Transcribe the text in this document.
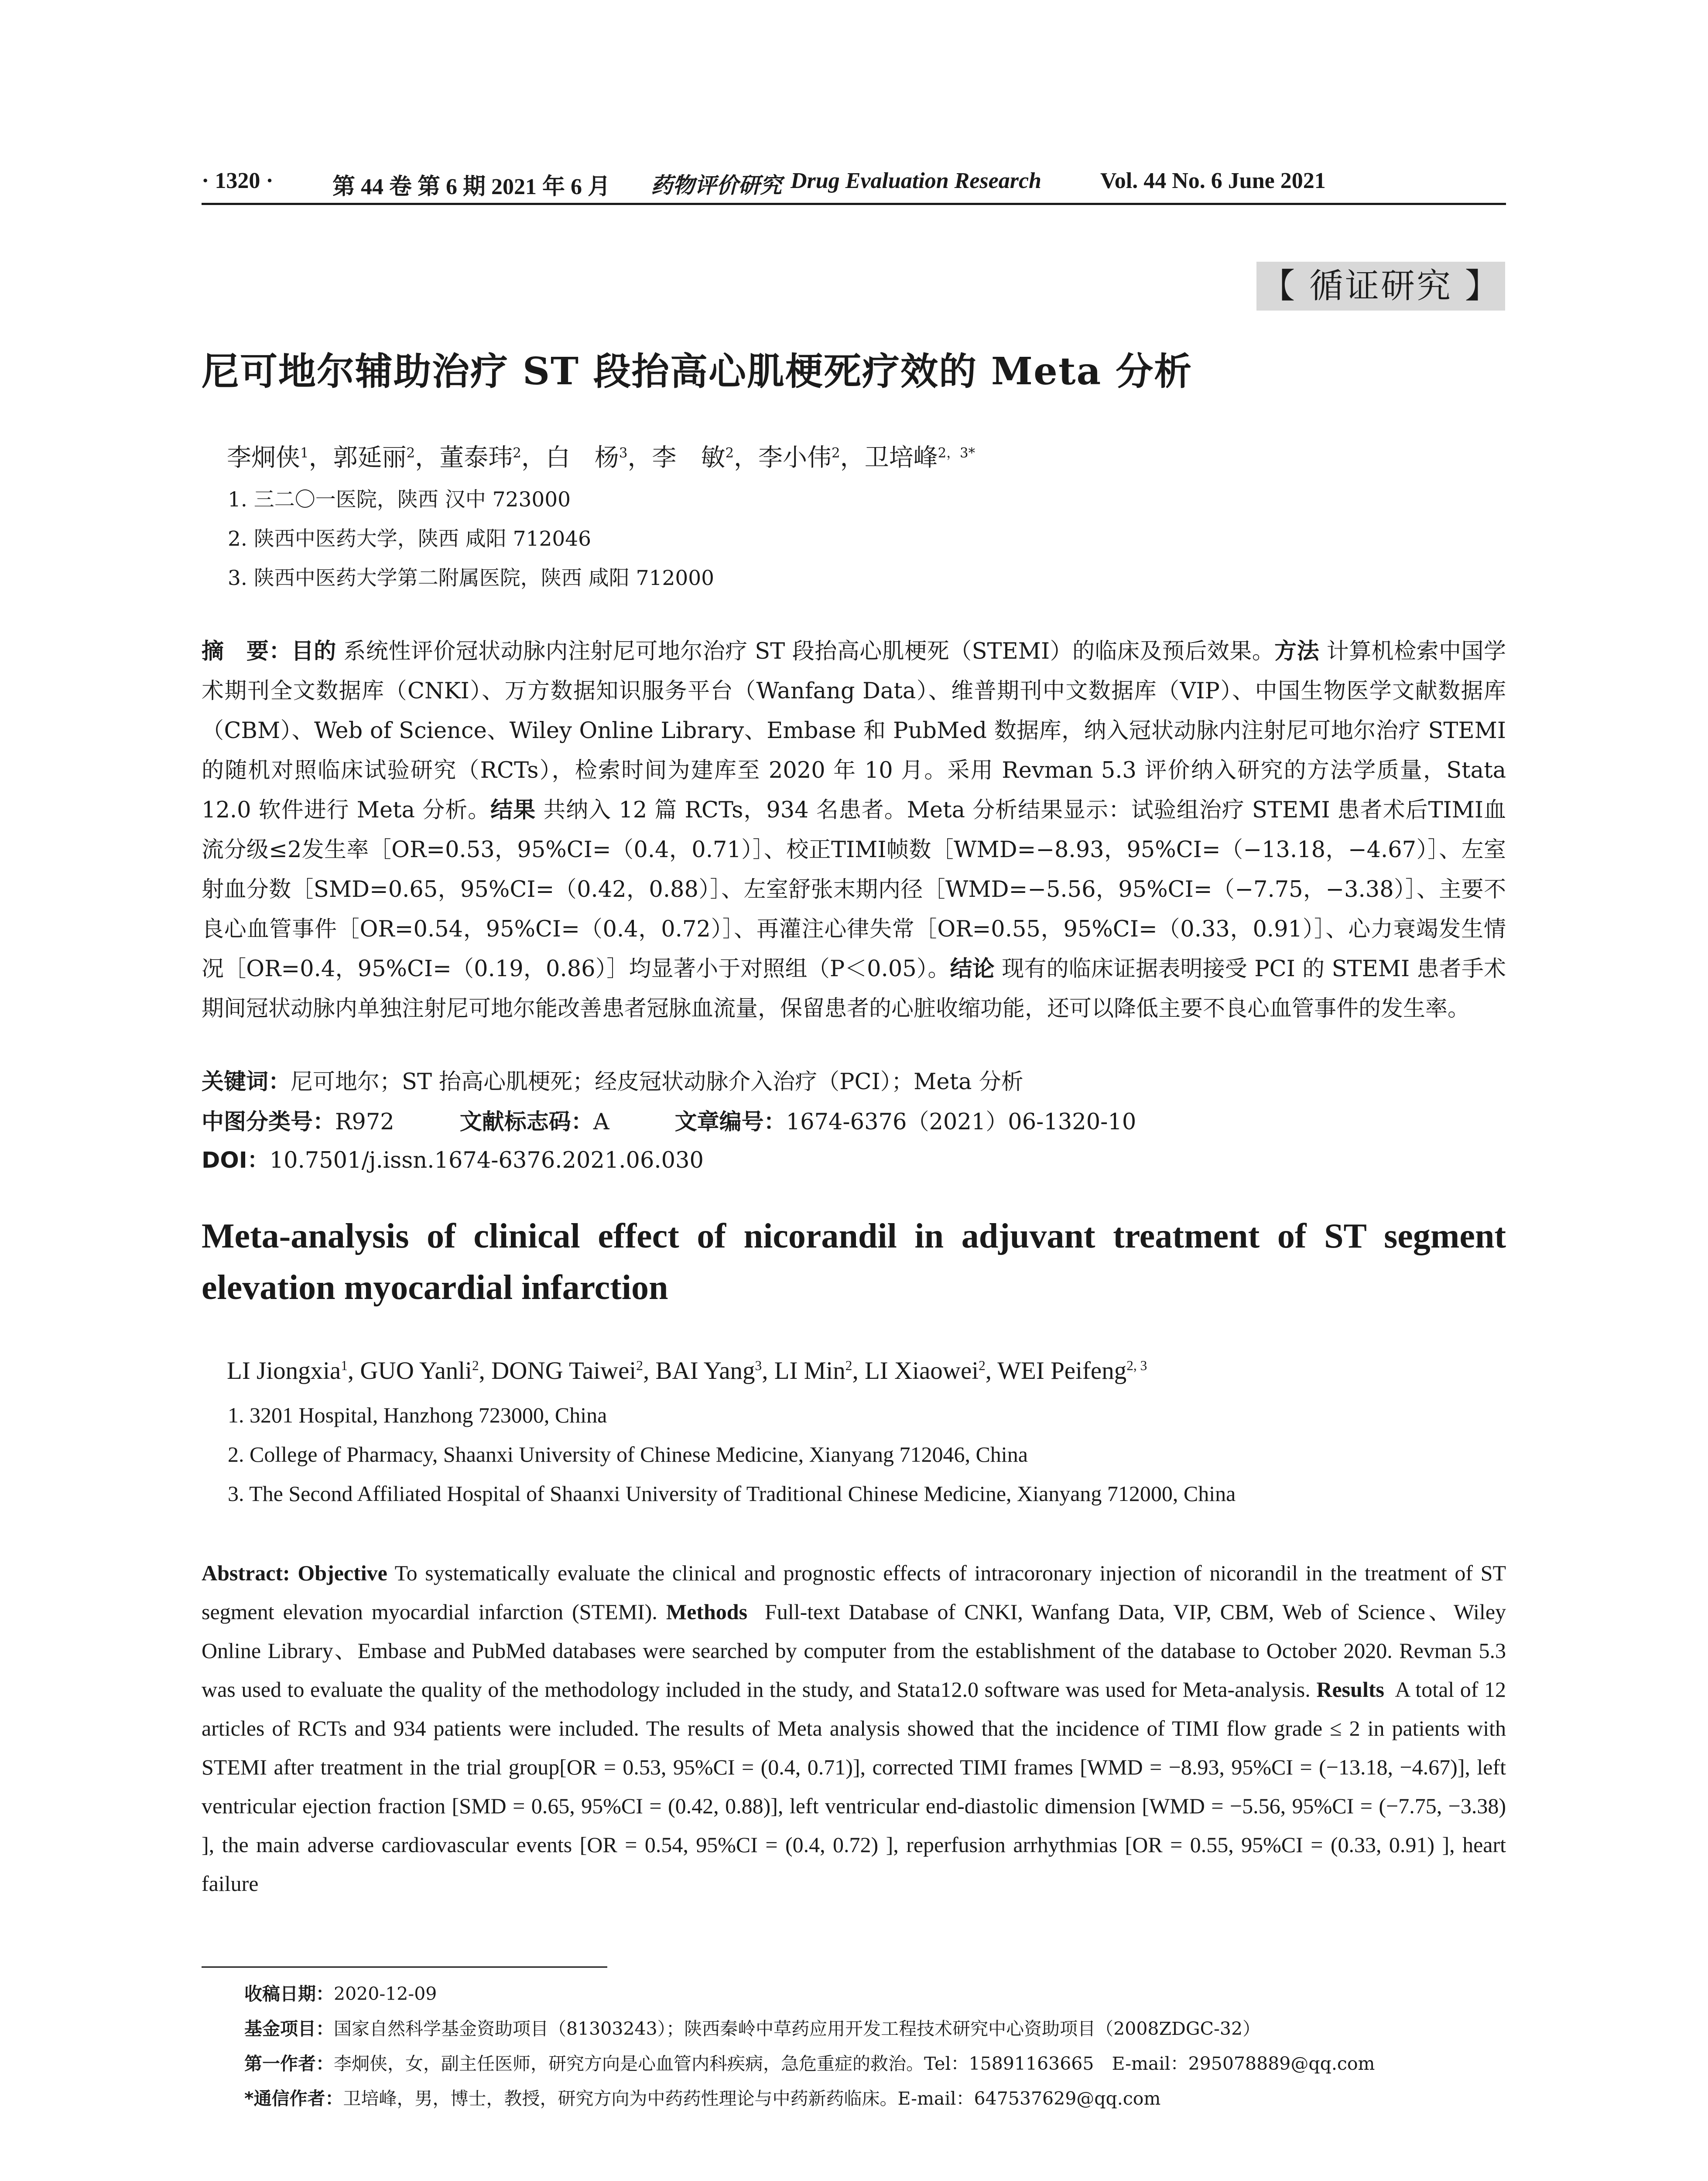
· 1320 ·	第 44 卷 第 6 期 2021 年 6 月 药物评价研究 Drug Evaluation Research	Vol. 44 No. 6 June 2021
【 循证研究 】
尼可地尔辅助治疗 ST 段抬高心肌梗死疗效的 Meta 分析
李炯侠$^1$，郭延丽$^2$，董泰玮$^2$，白　杨$^3$，李　敏$^2$，李小伟$^2$，卫培峰$^{2,3*}$
1. 三二〇一医院，陕西 汉中 723000
2. 陕西中医药大学，陕西 咸阳 712046
3. 陕西中医药大学第二附属医院，陕西 咸阳 712000
摘　要：目的 系统性评价冠状动脉内注射尼可地尔治疗 ST 段抬高心肌梗死（STEMI）的临床及预后效果。方法 计算机检索中国学术期刊全文数据库（CNKI）、万方数据知识服务平台（Wanfang Data）、维普期刊中文数据库（VIP）、中国生物医学文献数据库（CBM）、Web of Science、Wiley Online Library、Embase 和 PubMed 数据库，纳入冠状动脉内注射尼可地尔治疗 STEMI 的随机对照临床试验研究（RCTs），检索时间为建库至 2020 年 10 月。采用 Revman 5.3 评价纳入研究的方法学质量，Stata 12.0 软件进行 Meta 分析。结果 共纳入 12 篇 RCTs，934 名患者。Meta 分析结果显示：试验组治疗 STEMI 患者术后TIMI血流分级≤2发生率［OR=0.53，95%CI=（0.4，0.71）］、校正TIMI帧数［WMD=−8.93，95%CI=（−13.18，−4.67）］、左室射血分数［SMD=0.65，95%CI=（0.42，0.88）］、左室舒张末期内径［WMD=−5.56，95%CI=（−7.75，−3.38）］、主要不良心血管事件［OR=0.54，95%CI=（0.4，0.72）］、再灌注心律失常［OR=0.55，95%CI=（0.33，0.91）］、心力衰竭发生情况［OR=0.4，95%CI=（0.19，0.86）］均显著小于对照组（P＜0.05）。结论 现有的临床证据表明接受 PCI 的 STEMI 患者手术期间冠状动脉内单独注射尼可地尔能改善患者冠脉血流量，保留患者的心脏收缩功能，还可以降低主要不良心血管事件的发生率。
关键词：尼可地尔；ST 抬高心肌梗死；经皮冠状动脉介入治疗（PCI）；Meta 分析
中图分类号：R972	文献标志码：A	文章编号：1674-6376（2021）06-1320-10
DOI：10.7501/j.issn.1674-6376.2021.06.030
Meta-analysis of clinical effect of nicorandil in adjuvant treatment of ST segment elevation myocardial infarction
LI Jiongxia$^1$, GUO Yanli$^2$, DONG Taiwei$^2$, BAI Yang$^3$, LI Min$^2$, LI Xiaowei$^2$, WEI Peifeng$^{2, 3}$
1. 3201 Hospital, Hanzhong 723000, China
2. College of Pharmacy, Shaanxi University of Chinese Medicine, Xianyang 712046, China
3. The Second Affiliated Hospital of Shaanxi University of Traditional Chinese Medicine, Xianyang 712000, China
Abstract: Objective To systematically evaluate the clinical and prognostic effects of intracoronary injection of nicorandil in the treatment of ST segment elevation myocardial infarction (STEMI). Methods Full-text Database of CNKI, Wanfang Data, VIP, CBM, Web of Science、Wiley Online Library、Embase and PubMed databases were searched by computer from the establishment of the database to October 2020. Revman 5.3 was used to evaluate the quality of the methodology included in the study, and Stata12.0 software was used for Meta-analysis. Results A total of 12 articles of RCTs and 934 patients were included. The results of Meta analysis showed that the incidence of TIMI flow grade ≤ 2 in patients with STEMI after treatment in the trial group[OR = 0.53, 95%CI = (0.4, 0.71)], corrected TIMI frames [WMD = −8.93, 95%CI = (−13.18, −4.67)], left ventricular ejection fraction [SMD = 0.65, 95%CI = (0.42, 0.88)], left ventricular end-diastolic dimension [WMD = −5.56, 95%CI = (−7.75, −3.38) ], the main adverse cardiovascular events [OR = 0.54, 95%CI = (0.4, 0.72) ], reperfusion arrhythmias [OR = 0.55, 95%CI = (0.33, 0.91) ], heart failure
收稿日期：2020-12-09
基金项目：国家自然科学基金资助项目（81303243）；陕西秦岭中草药应用开发工程技术研究中心资助项目（2008ZDGC-32）
第一作者：李炯侠，女，副主任医师，研究方向是心血管内科疾病，急危重症的救治。Tel：15891163665　E-mail：295078889@qq.com
*通信作者：卫培峰，男，博士，教授，研究方向为中药药性理论与中药新药临床。E-mail：647537629@qq.com
